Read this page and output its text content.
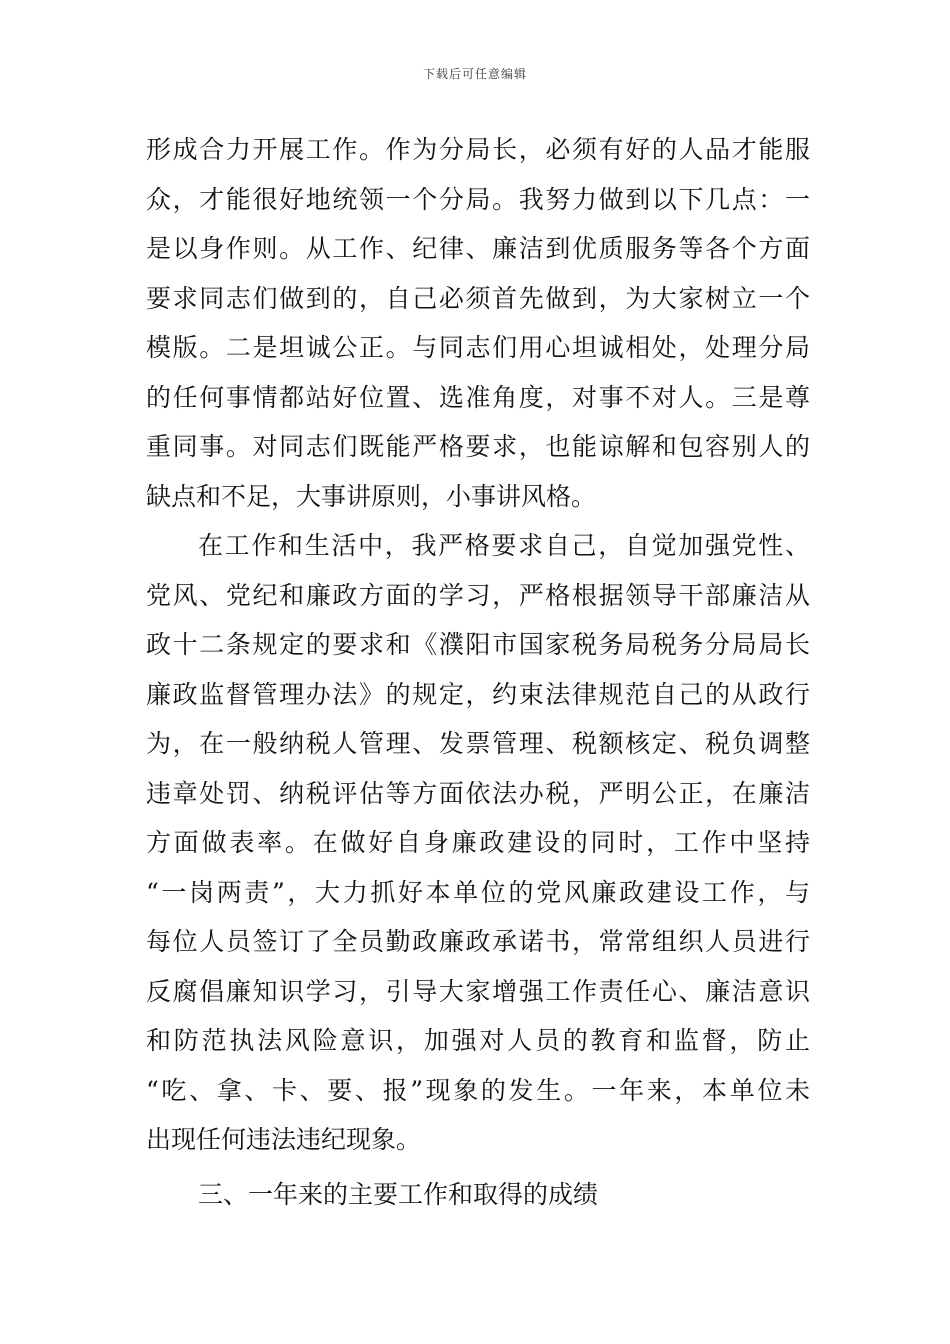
下载后可任意编辑
形成合力开展工作。作为分局长，必须有好的人品才能服
众，才能很好地统领一个分局。我努力做到以下几点：一
是以身作则。从工作、纪律、廉洁到优质服务等各个方面
要求同志们做到的，自己必须首先做到，为大家树立一个
模版。二是坦诚公正。与同志们用心坦诚相处，处理分局
的任何事情都站好位置、选准角度，对事不对人。三是尊
重同事。对同志们既能严格要求，也能谅解和包容别人的
缺点和不足，大事讲原则，小事讲风格。
在工作和生活中，我严格要求自己，自觉加强党性、
党风、党纪和廉政方面的学习，严格根据领导干部廉洁从
政十二条规定的要求和《濮阳市国家税务局税务分局局长
廉政监督管理办法》的规定，约束法律规范自己的从政行
为，在一般纳税人管理、发票管理、税额核定、税负调整
违章处罚、纳税评估等方面依法办税，严明公正，在廉洁
方面做表率。在做好自身廉政建设的同时，工作中坚持
“一岗两责”，大力抓好本单位的党风廉政建设工作，与
每位人员签订了全员勤政廉政承诺书，常常组织人员进行
反腐倡廉知识学习，引导大家增强工作责任心、廉洁意识
和防范执法风险意识，加强对人员的教育和监督，防止
“吃、拿、卡、要、报”现象的发生。一年来，本单位未
出现任何违法违纪现象。
三、一年来的主要工作和取得的成绩
